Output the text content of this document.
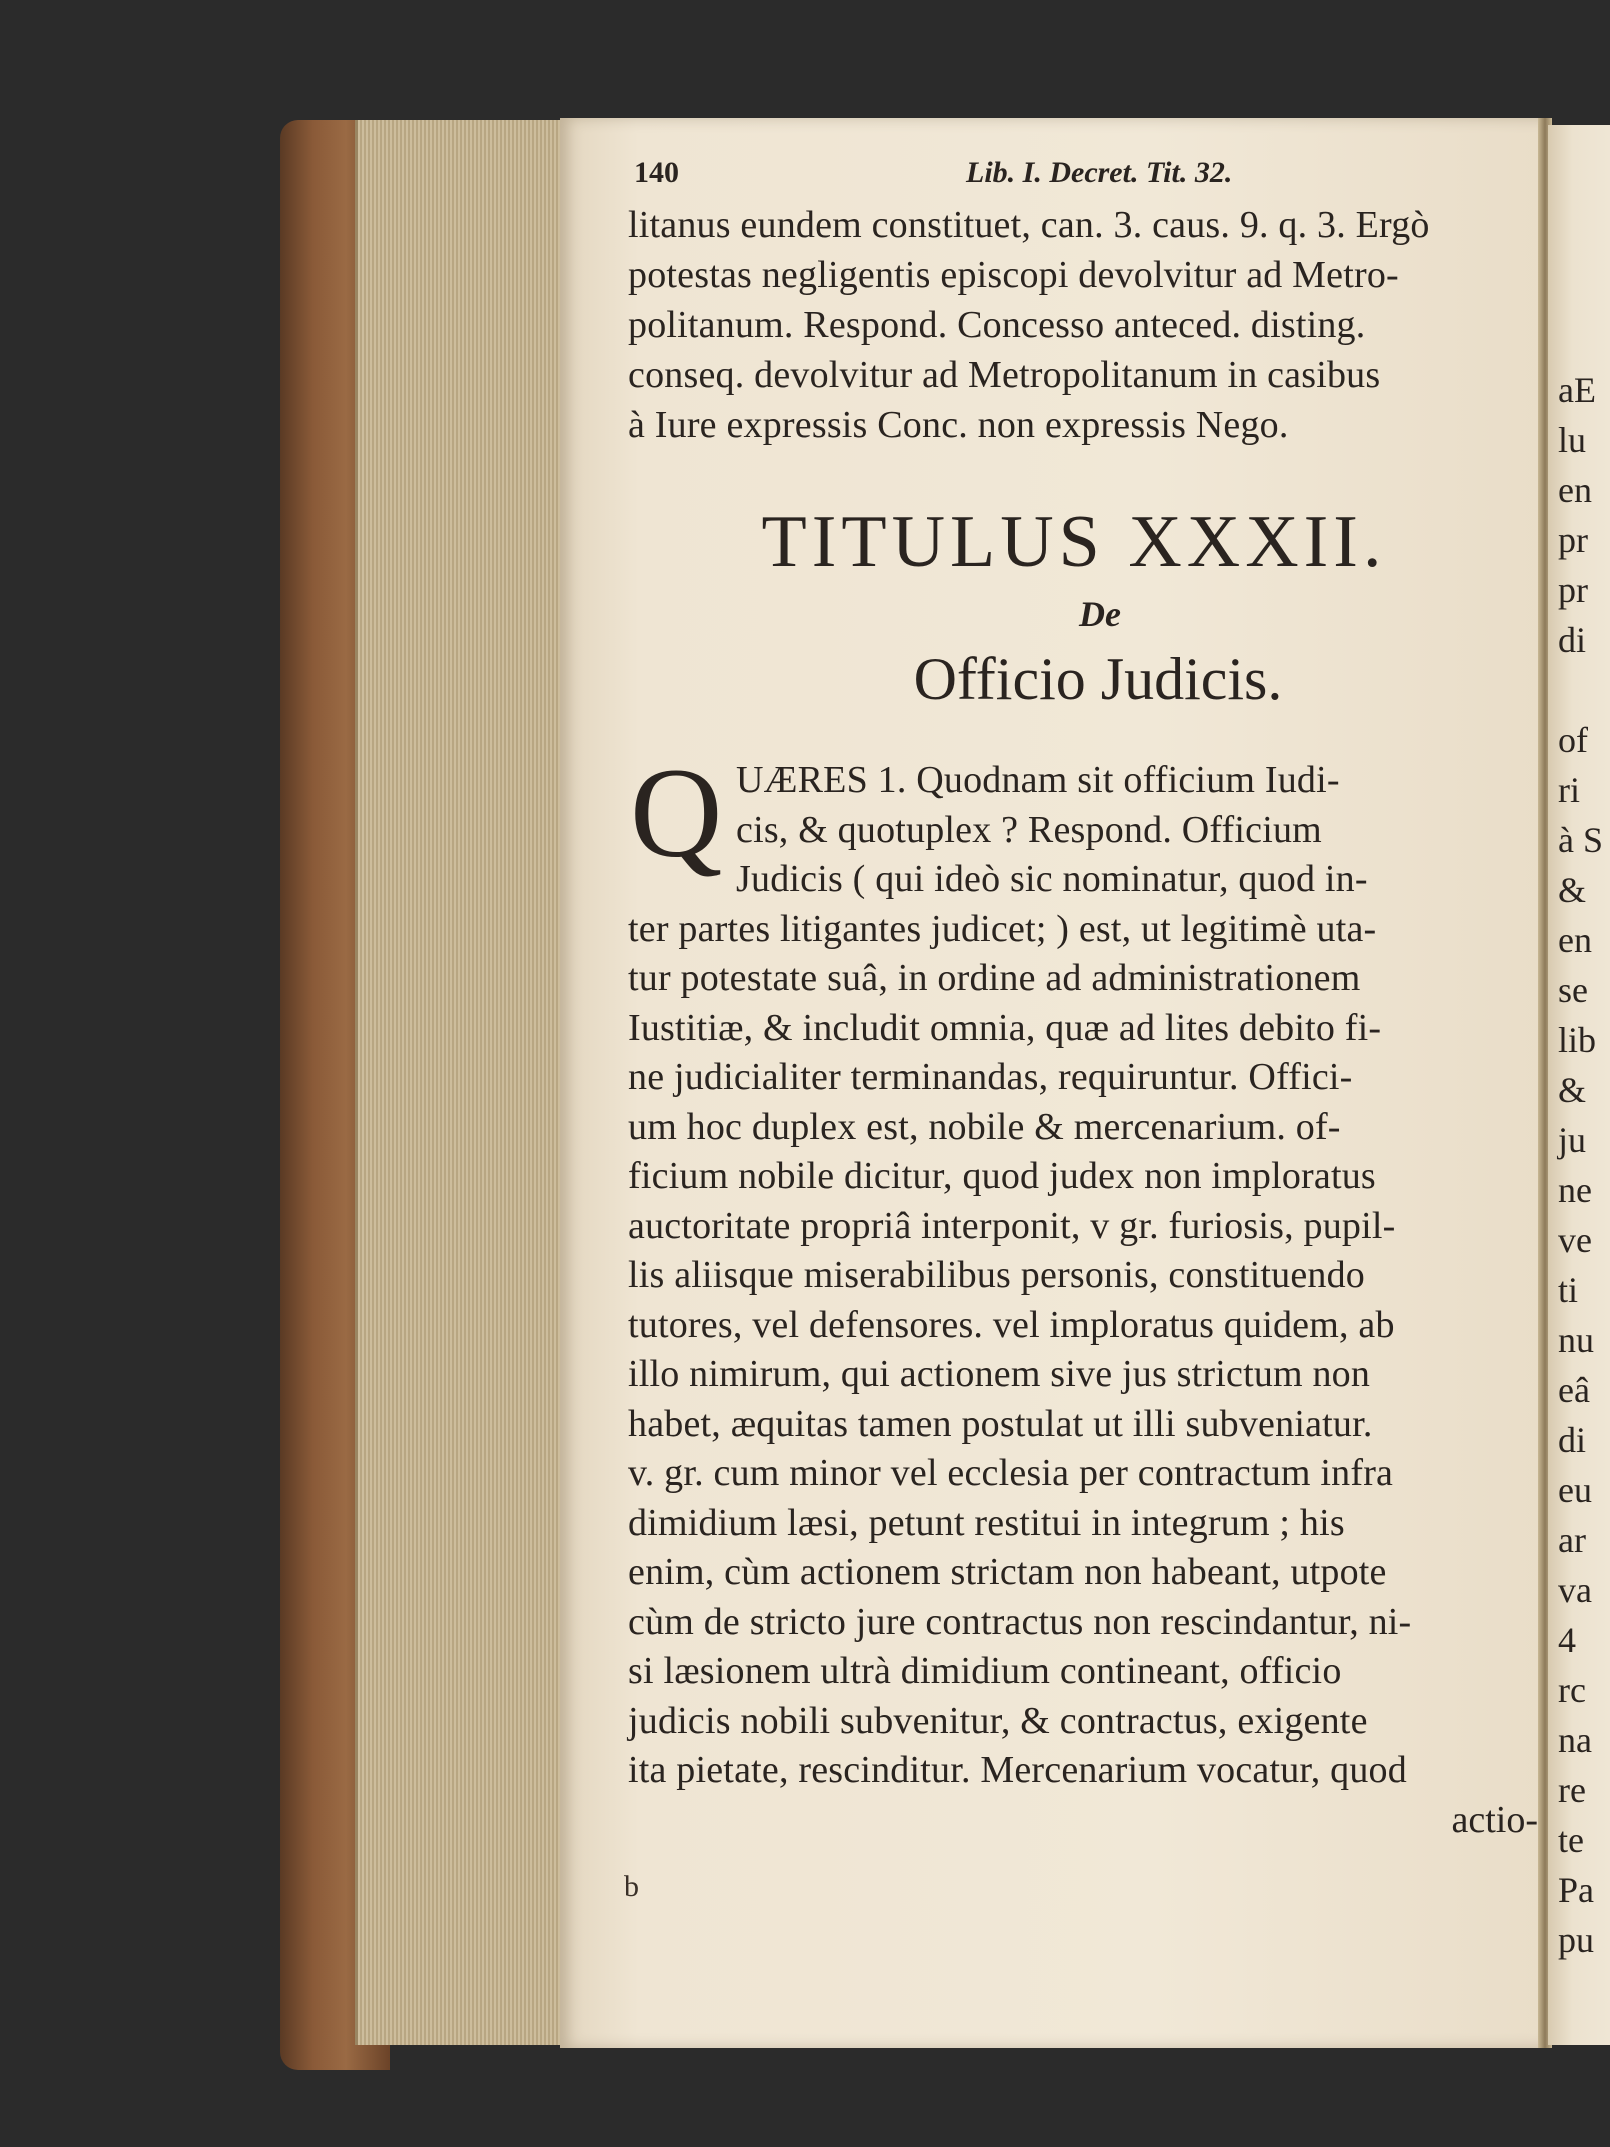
aE
lu
en
pr
pr
di
of
ri
à S
&
en
se
lib
&
ju
ne
ve
ti
nu
eâ
di
eu
ar
va
4
rc
na
re
te
Pa
pu
140	Lib. I. Decret. Tit. 32.
litanus eundem constituet, can. 3. caus. 9. q. 3. Ergò
potestas negligentis episcopi devolvitur ad Metro-
politanum. Respond. Concesso anteced. disting.
conseq. devolvitur ad Metropolitanum in casibus
à Iure expressis Conc. non expressis Nego.
TITULUS XXXII.
De
Officio Judicis.
Q UÆRES 1. Quodnam sit officium Iudi-
cis, & quotuplex ? Respond. Officium
Judicis ( qui ideò sic nominatur, quod in-
ter partes litigantes judicet; ) est, ut legitimè uta-
tur potestate suâ, in ordine ad administrationem
Iustitiæ, & includit omnia, quæ ad lites debito fi-
ne judicialiter terminandas, requiruntur. Offici-
um hoc duplex est, nobile & mercenarium. of-
ficium nobile dicitur, quod judex non imploratus
auctoritate propriâ interponit, v gr. furiosis, pupil-
lis aliisque miserabilibus personis, constituendo
tutores, vel defensores. vel imploratus quidem, ab
illo nimirum, qui actionem sive jus strictum non
habet, æquitas tamen postulat ut illi subveniatur.
v. gr. cum minor vel ecclesia per contractum infra
dimidium læsi, petunt restitui in integrum ; his
enim, cùm actionem strictam non habeant, utpote
cùm de stricto jure contractus non rescindantur, ni-
si læsionem ultrà dimidium contineant, officio
judicis nobili subvenitur, & contractus, exigente
ita pietate, rescinditur. Mercenarium vocatur, quod
actio-
b
